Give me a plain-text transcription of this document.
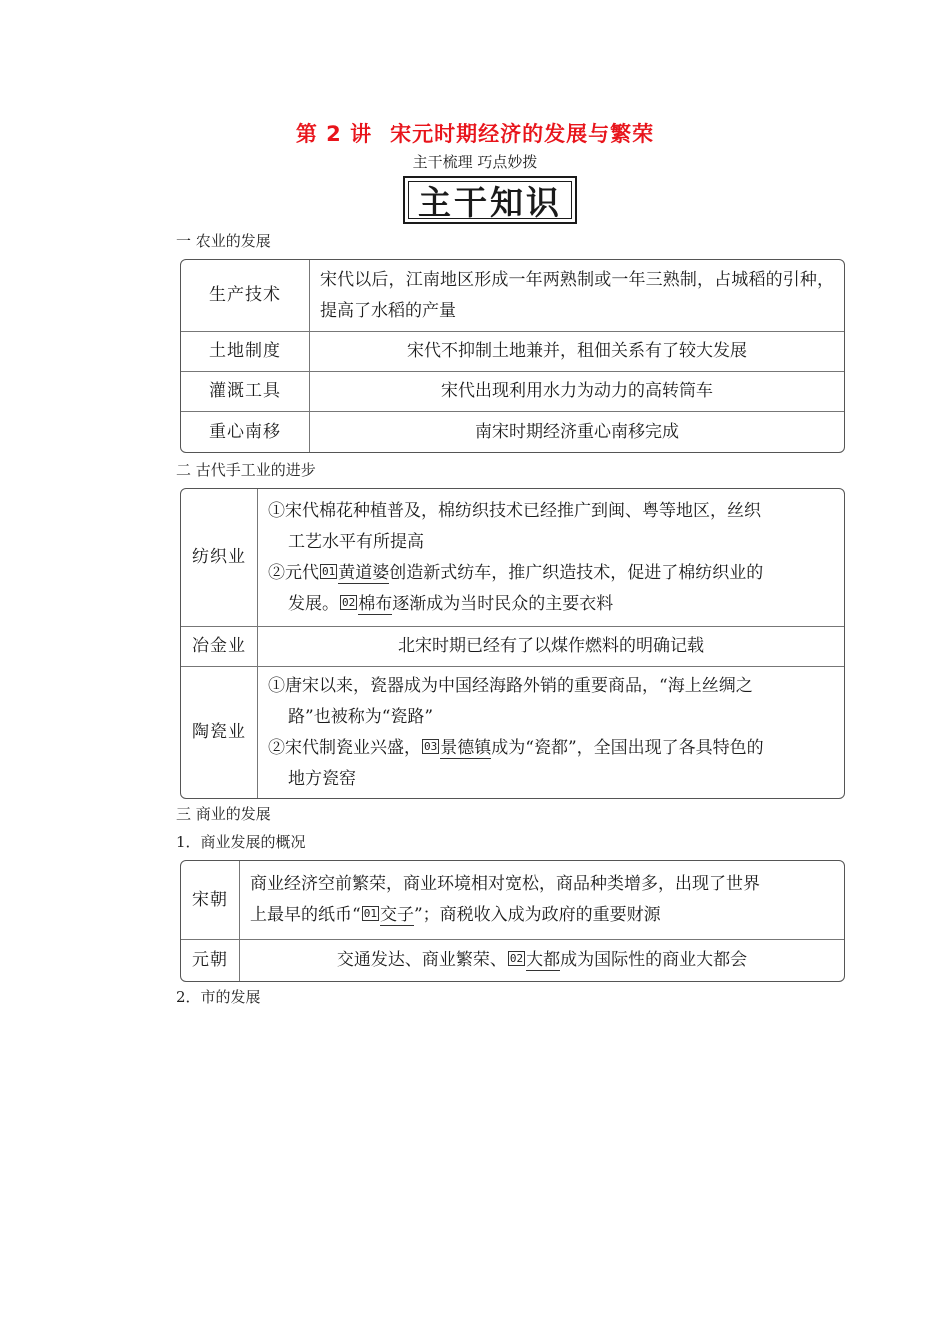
第 2 讲 宋元时期经济的发展与繁荣
主干梳理 巧点妙拨
主干知识
一 农业的发展
生产技术	宋代以后，江南地区形成一年两熟制或一年三熟制，占城稻的引种，提高了水稻的产量
土地制度	宋代不抑制土地兼并，租佃关系有了较大发展
灌溉工具	宋代出现利用水力为动力的高转筒车
重心南移	南宋时期经济重心南移完成
二 古代手工业的进步
纺织业	①宋代棉花种植普及，棉纺织技术已经推广到闽、粤等地区，丝织
工艺水平有所提高
②元代 01 黄道婆创造新式纺车，推广织造技术，促进了棉纺织业的
发展。 02 棉布逐渐成为当时民众的主要衣料

冶金业	北宋时期已经有了以煤作燃料的明确记载
陶瓷业	①唐宋以来，瓷器成为中国经海路外销的重要商品，“海上丝绸之
路”也被称为“瓷路”
②宋代制瓷业兴盛， 03 景德镇成为“瓷都”，全国出现了各具特色的
地方瓷窑
三 商业的发展
1．商业发展的概况
宋朝	商业经济空前繁荣，商业环境相对宽松，商品种类增多，出现了世界
上最早的纸币“ 01 交子”；商税收入成为政府的重要财源

元朝	交通发达、商业繁荣、 02 大都成为国际性的商业大都会
2．市的发展
